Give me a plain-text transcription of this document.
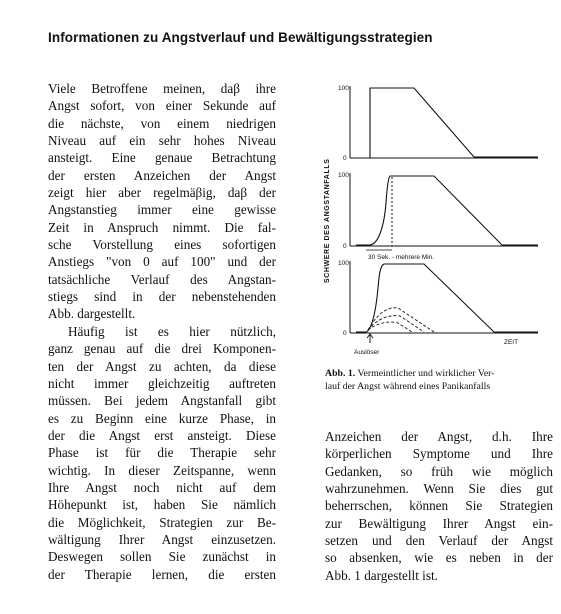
Informationen zu Angstverlauf und Bewältigungsstrategien
Viele Betroffene meinen, daβ ihre
Angst sofort, von einer Sekunde auf
die nächste, von einem niedrigen
Niveau auf ein sehr hohes Niveau
ansteigt. Eine genaue Betrachtung
der ersten Anzeichen der Angst
zeigt hier aber regelmäβig, daβ der
Angstanstieg immer eine gewisse
Zeit in Anspruch nimmt. Die fal-
sche Vorstellung eines sofortigen
Anstiegs "von 0 auf 100" und der
tatsächliche Verlauf des Angstan-
stiegs sind in der nebenstehenden
Abb. dargestellt.
Häufig ist es hier nützlich,
ganz genau auf die drei Komponen-
ten der Angst zu achten, da diese
nicht immer gleichzeitig auftreten
müssen. Bei jedem Angstanfall gibt
es zu Beginn eine kurze Phase, in
der die Angst erst ansteigt. Diese
Phase ist für die Therapie sehr
wichtig. In dieser Zeitspanne, wenn
Ihre Angst noch nicht auf dem
Höhepunkt ist, haben Sie nämlich
die Möglichkeit, Strategien zur Be-
wältigung Ihrer Angst einzusetzen.
Deswegen sollen Sie zunächst in
der Therapie lernen, die ersten
SCHWERE DES ANGSTANFALLS
100
0
100
0
30 Sek. - mehrere Min.
100
0
Auslöser
ZEIT
Abb. 1. Vermeintlicher und wirklicher Ver-
lauf der Angst während eines Panikanfalls
Anzeichen der Angst, d.h. Ihre
körperlichen Symptome und Ihre
Gedanken, so früh wie möglich
wahrzunehmen. Wenn Sie dies gut
beherrschen, können Sie Strategien
zur Bewältigung Ihrer Angst ein-
setzen und den Verlauf der Angst
so absenken, wie es neben in der
Abb. 1 dargestellt ist.
